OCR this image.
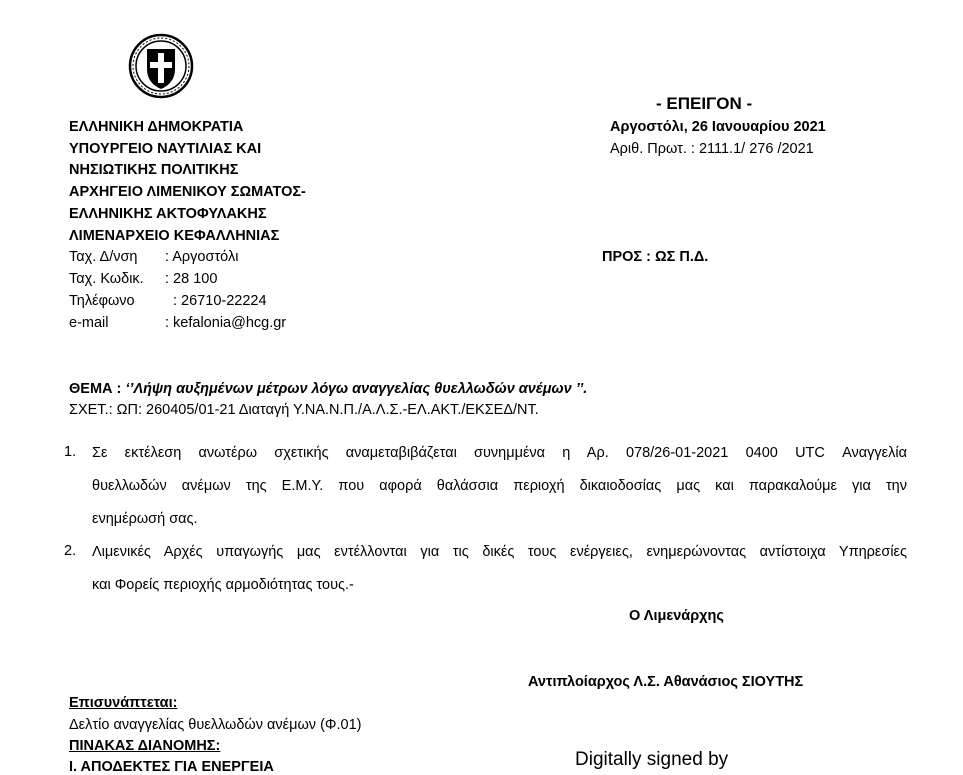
- ΕΠΕΙΓΟΝ -
Αργοστόλι, 26 Ιανουαρίου 2021
Αριθ. Πρωτ. : 2111.1/ 276 /2021
ΠΡΟΣ : ΩΣ Π.Δ.
ΕΛΛΗΝΙΚΗ ΔΗΜΟΚΡΑΤΙΑ
ΥΠΟΥΡΓΕΙΟ ΝΑΥΤΙΛΙΑΣ ΚΑΙ
ΝΗΣΙΩΤΙΚΗΣ ΠΟΛΙΤΙΚΗΣ
ΑΡΧΗΓΕΙΟ ΛΙΜΕΝΙΚΟΥ ΣΩΜΑΤΟΣ-
ΕΛΛΗΝΙΚΗΣ ΑΚΤΟΦΥΛΑΚΗΣ
ΛΙΜΕΝΑΡΧΕΙΟ ΚΕΦΑΛΛΗΝΙΑΣ
Ταχ. Δ/νση : Αργοστόλι
Ταχ. Κωδικ. : 28 100
Τηλέφωνο	: 26710-22224
e-mail	: kefalonia@hcg.gr
ΘΕΜΑ : ‘’Λήψη αυξημένων μέτρων λόγω αναγγελίας θυελλωδών ανέμων ’’.
ΣΧΕΤ.: ΩΠ: 260405/01-21 Διαταγή Υ.ΝΑ.Ν.Π./Α.Λ.Σ.-ΕΛ.ΑΚΤ./ΕΚΣΕΔ/ΝΤ.
1. Σε εκτέλεση ανωτέρω σχετικής αναμεταβιβάζεται συνημμένα η Αρ. 078/26-01-2021 0400 UTC Αναγγελία
θυελλωδών ανέμων της Ε.Μ.Υ. που αφορά θαλάσσια περιοχή δικαιοδοσίας μας και παρακαλούμε για την
ενημέρωσή σας.
2. Λιμενικές Αρχές υπαγωγής μας εντέλλονται για τις δικές τους ενέργειες, ενημερώνοντας αντίστοιχα Υπηρεσίες
και Φορείς περιοχής αρμοδιότητας τους.-
Ο Λιμενάρχης
Αντιπλοίαρχος Λ.Σ. Αθανάσιος ΣΙΟΥΤΗΣ
Digitally signed by
Επισυνάπτεται:
Δελτίο αναγγελίας θυελλωδών ανέμων (Φ.01)
ΠΙΝΑΚΑΣ ΔΙΑΝΟΜΗΣ:
Ι. ΑΠΟΔΕΚΤΕΣ ΓΙΑ ΕΝΕΡΓΕΙΑ
